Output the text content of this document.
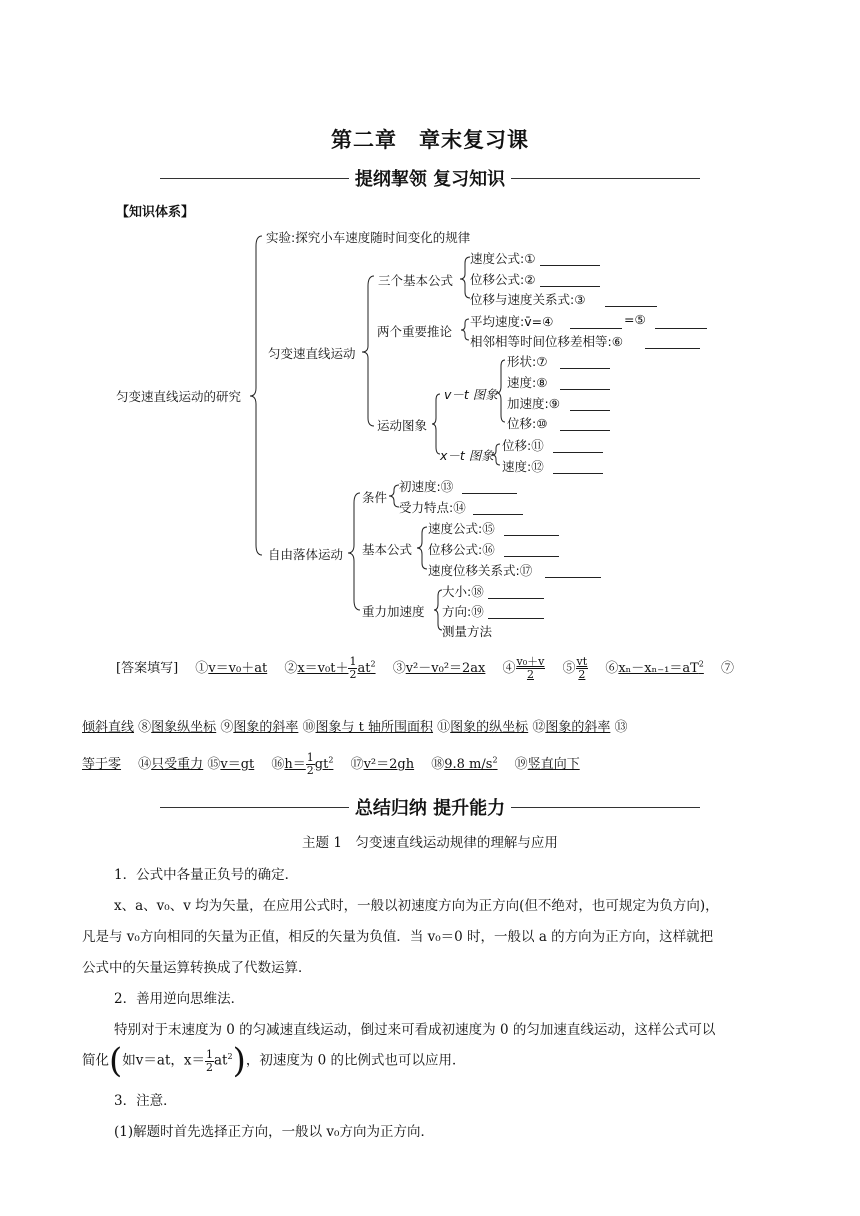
第二章　章末复习课
提纲挈领 复习知识
【知识体系】
匀变速直线运动的研究
实验:探究小车速度随时间变化的规律
匀变速直线运动
三个基本公式
速度公式:①
位移公式:②
位移与速度关系式:③
两个重要推论
平均速度:v̄=④	=⑤
相邻相等时间位移差相等:⑥
运动图象
v－t 图象
形状:⑦
速度:⑧
加速度:⑨
位移:⑩
x－t 图象
位移:⑪
速度:⑫
自由落体运动
条件
初速度:⑬
受力特点:⑭
基本公式
速度公式:⑮
位移公式:⑯
速度位移关系式:⑰
重力加速度
大小:⑱
方向:⑲
测量方法
[答案填写]　 ①v＝v₀＋at　 ②x＝v₀t＋ $\frac{1}{2} at^2$　 ③v²－v₀²＝2ax　 ④ $\frac{\text{v₀＋v}}{2}$
　 ⑤ $\frac{vt}{2}$
　 $⑥x_n-x_{n-1}=aT^2$　 ⑦
倾斜直线 ⑧图象纵坐标 ⑨图象的斜率 ⑩图象与 t 轴所围面积 ⑪图象的纵坐标 ⑫图象的斜率 ⑬
等于零　 ⑭只受重力 ⑮v＝gt　 ⑯h＝ $\frac{1}{2} gt^2$　 ⑰v²＝2gh　 ⑱9.8 $m/s^2$　 ⑲竖直向下
总结归纳 提升能力
主题 1　匀变速直线运动规律的理解与应用
1．公式中各量正负号的确定．
x、a、v₀、v 均为矢量，在应用公式时，一般以初速度方向为正方向(但不绝对，也可规定为负方向)，
凡是与 v₀方向相同的矢量为正值，相反的矢量为负值．当 v₀＝0 时，一般以 a 的方向为正方向，这样就把
公式中的矢量运算转换成了代数运算．
2．善用逆向思维法．
特别对于末速度为 0 的匀减速直线运动，倒过来可看成初速度为 0 的匀加速直线运动，这样公式可以
简化(如v＝at，$x= \frac{1}{2} at^2$)，初速度为 0 的比例式也可以应用．
3．注意．
(1)解题时首先选择正方向，一般以 v₀方向为正方向．
